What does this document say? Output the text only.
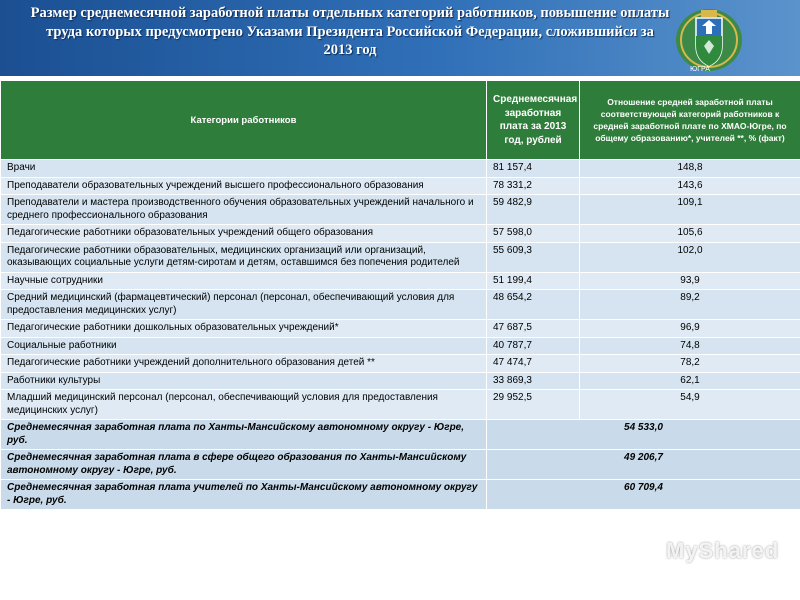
Размер среднемесячной заработной платы отдельных категорий работников, повышение оплаты труда которых предусмотрено Указами Президента Российской Федерации, сложившийся за 2013 год
ЮГРА
Категории работников	Среднемесячная заработная плата за 2013 год, рублей	Отношение средней заработной платы соответствующей категорий работников к средней заработной плате по ХМАО-Югре, по общему образованию*, учителей **, % (факт)
Врачи	81 157,4	148,8
Преподаватели образовательных учреждений высшего профессионального образования	78 331,2	143,6
Преподаватели и мастера производственного обучения образовательных учреждений начального и среднего профессионального образования	59 482,9	109,1
Педагогические работники образовательных учреждений общего образования	57 598,0	105,6
Педагогические работники образовательных, медицинских организаций или организаций, оказывающих социальные услуги детям-сиротам и детям, оставшимся без попечения родителей	55 609,3	102,0
Научные сотрудники	51 199,4	93,9
Средний медицинский (фармацевтический) персонал (персонал, обеспечивающий условия для предоставления медицинских услуг)	48 654,2	89,2
Педагогические работники дошкольных образовательных учреждений*	47 687,5	96,9
Социальные работники	40 787,7	74,8
Педагогические работники учреждений дополнительного образования детей **	47 474,7	78,2
Работники культуры	33 869,3	62,1
Младший медицинский персонал (персонал, обеспечивающий условия для предоставления медицинских услуг)	29 952,5	54,9
Среднемесячная заработная плата по Ханты-Мансийскому автономному округу - Югре, руб.	54 533,0	
Среднемесячная заработная плата в сфере общего образования по Ханты-Мансийскому автономному округу - Югре, руб.	49 206,7	
Среднемесячная заработная плата учителей по Ханты-Мансийскому автономному округу - Югре, руб.	60 709,4	
MyShared
